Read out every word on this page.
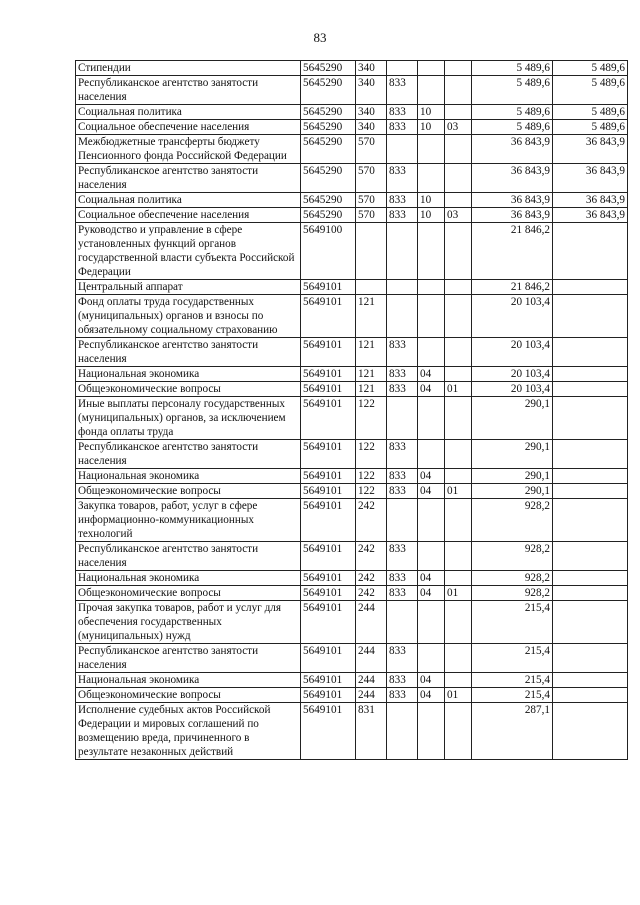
83
Стипендии	5645290	340				5 489,6	5 489,6
Республиканское агентство занятости населения	5645290	340	833			5 489,6	5 489,6
Социальная политика	5645290	340	833	10		5 489,6	5 489,6
Социальное обеспечение населения	5645290	340	833	10	03	5 489,6	5 489,6
Межбюджетные трансферты бюджету Пенсионного фонда Российской Федерации	5645290	570				36 843,9	36 843,9
Республиканское агентство занятости населения	5645290	570	833			36 843,9	36 843,9
Социальная политика	5645290	570	833	10		36 843,9	36 843,9
Социальное обеспечение населения	5645290	570	833	10	03	36 843,9	36 843,9
Руководство и управление в сфере установленных функций органов государственной власти субъекта Российской Федерации	5649100					21 846,2	
Центральный аппарат	5649101					21 846,2	
Фонд оплаты труда государственных (муниципальных) органов и взносы по обязательному социальному страхованию	5649101	121				20 103,4	
Республиканское агентство занятости населения	5649101	121	833			20 103,4	
Национальная экономика	5649101	121	833	04		20 103,4	
Общеэкономические вопросы	5649101	121	833	04	01	20 103,4	
Иные выплаты персоналу государственных (муниципальных) органов, за исключением фонда оплаты труда	5649101	122				290,1	
Республиканское агентство занятости населения	5649101	122	833			290,1	
Национальная экономика	5649101	122	833	04		290,1	
Общеэкономические вопросы	5649101	122	833	04	01	290,1	
Закупка товаров, работ, услуг в сфере информационно-коммуникационных технологий	5649101	242				928,2	
Республиканское агентство занятости населения	5649101	242	833			928,2	
Национальная экономика	5649101	242	833	04		928,2	
Общеэкономические вопросы	5649101	242	833	04	01	928,2	
Прочая закупка товаров, работ и услуг для обеспечения государственных (муниципальных) нужд	5649101	244				215,4	
Республиканское агентство занятости населения	5649101	244	833			215,4	
Национальная экономика	5649101	244	833	04		215,4	
Общеэкономические вопросы	5649101	244	833	04	01	215,4	
Исполнение судебных актов Российской Федерации и мировых соглашений по возмещению вреда, причиненного в результате незаконных действий	5649101	831				287,1	
